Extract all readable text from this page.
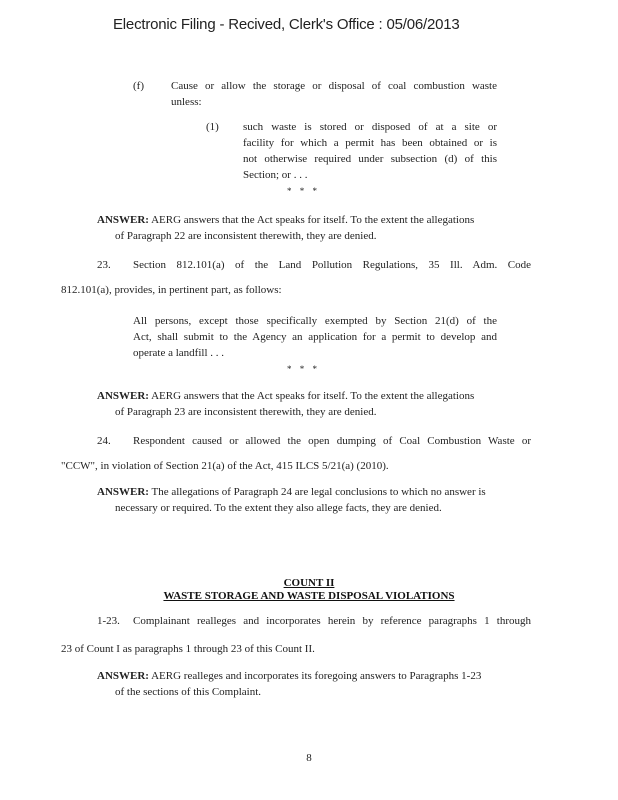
Electronic Filing - Recived, Clerk's Office : 05/06/2013
(f) Cause or allow the storage or disposal of coal combustion waste
unless:
(1) such waste is stored or disposed of at a site or
facility for which a permit has been obtained or is
not otherwise required under subsection (d) of this
Section; or . . .
* * *
ANSWER: AERG answers that the Act speaks for itself. To the extent the allegations
of Paragraph 22 are inconsistent therewith, they are denied.
23. Section 812.101(a) of the Land Pollution Regulations, 35 Ill. Adm. Code
812.101(a), provides, in pertinent part, as follows:
All persons, except those specifically exempted by Section 21(d) of the
Act, shall submit to the Agency an application for a permit to develop and
operate a landfill . . .
* * *
ANSWER: AERG answers that the Act speaks for itself. To the extent the allegations
of Paragraph 23 are inconsistent therewith, they are denied.
24. Respondent caused or allowed the open dumping of Coal Combustion Waste or
"CCW", in violation of Section 21(a) of the Act, 415 ILCS 5/21(a) (2010).
ANSWER: The allegations of Paragraph 24 are legal conclusions to which no answer is
necessary or required. To the extent they also allege facts, they are denied.
COUNT II
WASTE STORAGE AND WASTE DISPOSAL VIOLATIONS
1-23. Complainant realleges and incorporates herein by reference paragraphs 1 through
23 of Count I as paragraphs 1 through 23 of this Count II.
ANSWER: AERG realleges and incorporates its foregoing answers to Paragraphs 1-23
of the sections of this Complaint.
8
